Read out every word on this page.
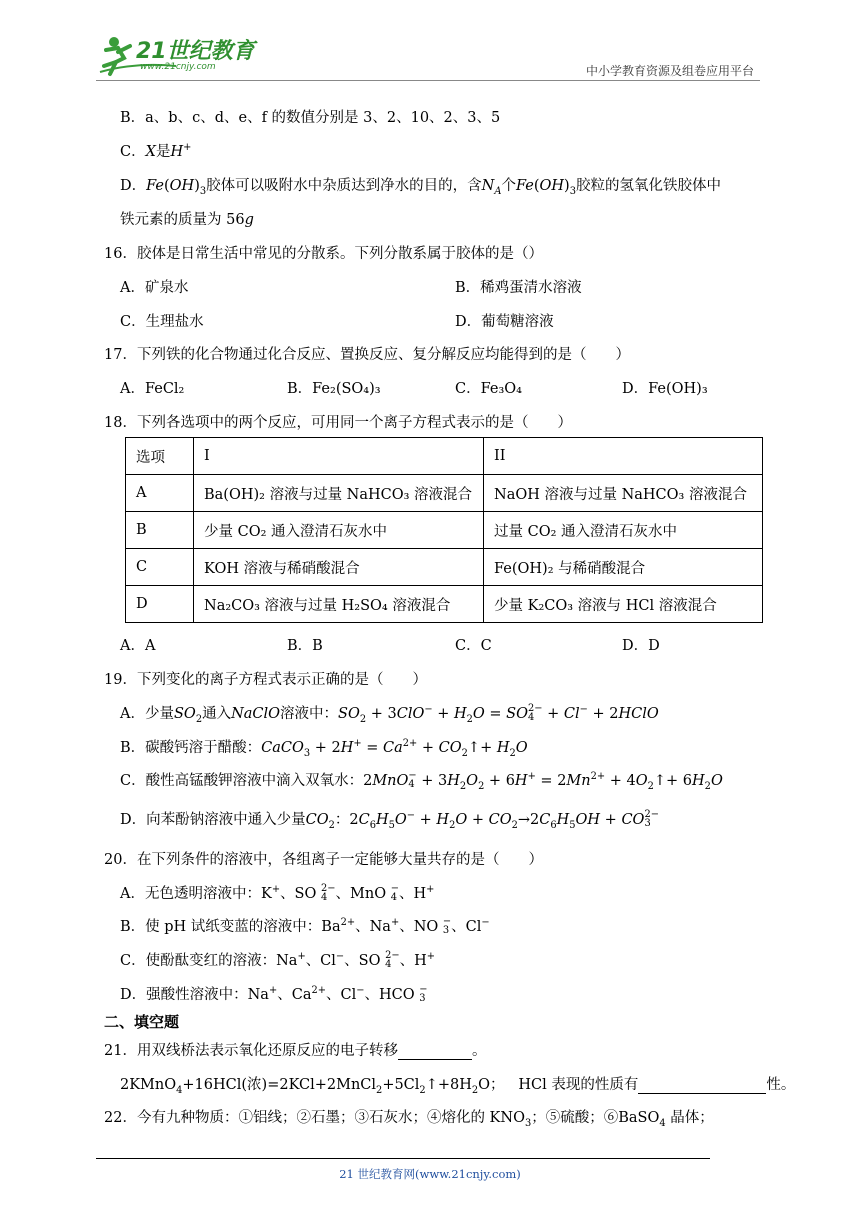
21世纪教育
www.21cnjy.com	中小学教育资源及组卷应用平台
B．a、b、c、d、e、f 的数值分别是 3、2、10、2、3、5
C．X是H+
D．$Fe(OH)_3$胶体可以吸附水中杂质达到净水的目的，含$N_A$个$Fe(OH)_3$胶粒的氢氧化铁胶体中
铁元素的质量为 56g
16．胶体是日常生活中常见的分散系。下列分散系属于胶体的是（）
A．矿泉水	B．稀鸡蛋清水溶液
C．生理盐水	D．葡萄糖溶液
17．下列铁的化合物通过化合反应、置换反应、复分解反应均能得到的是（　　）
A．FeCl₂	B．Fe₂(SO₄)₃	C．Fe₃O₄	D．Fe(OH)₃
18．下列各选项中的两个反应，可用同一个离子方程式表示的是（　　）
选项	I	II
A	Ba(OH)₂ 溶液与过量 NaHCO₃ 溶液混合	NaOH 溶液与过量 NaHCO₃ 溶液混合
B	少量 CO₂ 通入澄清石灰水中	过量 CO₂ 通入澄清石灰水中
C	KOH 溶液与稀硝酸混合	Fe(OH)₂ 与稀硝酸混合
D	Na₂CO₃ 溶液与过量 H₂SO₄ 溶液混合	少量 K₂CO₃ 溶液与 HCl 溶液混合
A．A	B．B	C．C	D．D
19．下列变化的离子方程式表示正确的是（　　）
A．少量$SO_2$通入NaClO溶液中：$SO_2 + 3ClO^- + H_2O = SO2-$
4 + Cl− + 2HClO
B．碳酸钙溶于醋酸：CaCO$_3$ + $2H^+ = Ca^{2+}$ + $CO_2↑+ H_2O$
C．酸性高锰酸钾溶液中滴入双氧水：2MnO−
$4 + 3H_2O_2 + 6H^+ = 2Mn^{2+}$ + $4O_2↑+ 6H_2O$
D．向苯酚钠溶液中通入少量$CO_2$：$2C_6H_5O^- + H_2O + CO_2\to 2C_6H_5OH + CO2-$
3
20．在下列条件的溶液中，各组离子一定能够大量共存的是（　　）
A．无色透明溶液中：K+、SO 2−
4 、MnO −
4 、H+
B．使 pH 试纸变蓝的溶液中：$Ba^{2+}$、Na+、NO −
3 、Cl−
C．使酚酞变红的溶液：Na+、Cl−、SO 2−
4 、H+
D．强酸性溶液中：Na+、$Ca^{2+}$、Cl−、HCO −
3
二、填空题
21．用双线桥法表示氧化还原反应的电子转移	。
2KMnO$_4$+16HCl(浓)$=2KCl+2MnCl_2+5Cl_2↑+8H_2O$； HCl 表现的性质有	性。
22．今有九种物质：①铝线；②石墨；③石灰水；④熔化的 $KNO_3$；⑤硫酸；⑥BaSO$_4$ 晶体；
21 世纪教育网(www.21cnjy.com)
